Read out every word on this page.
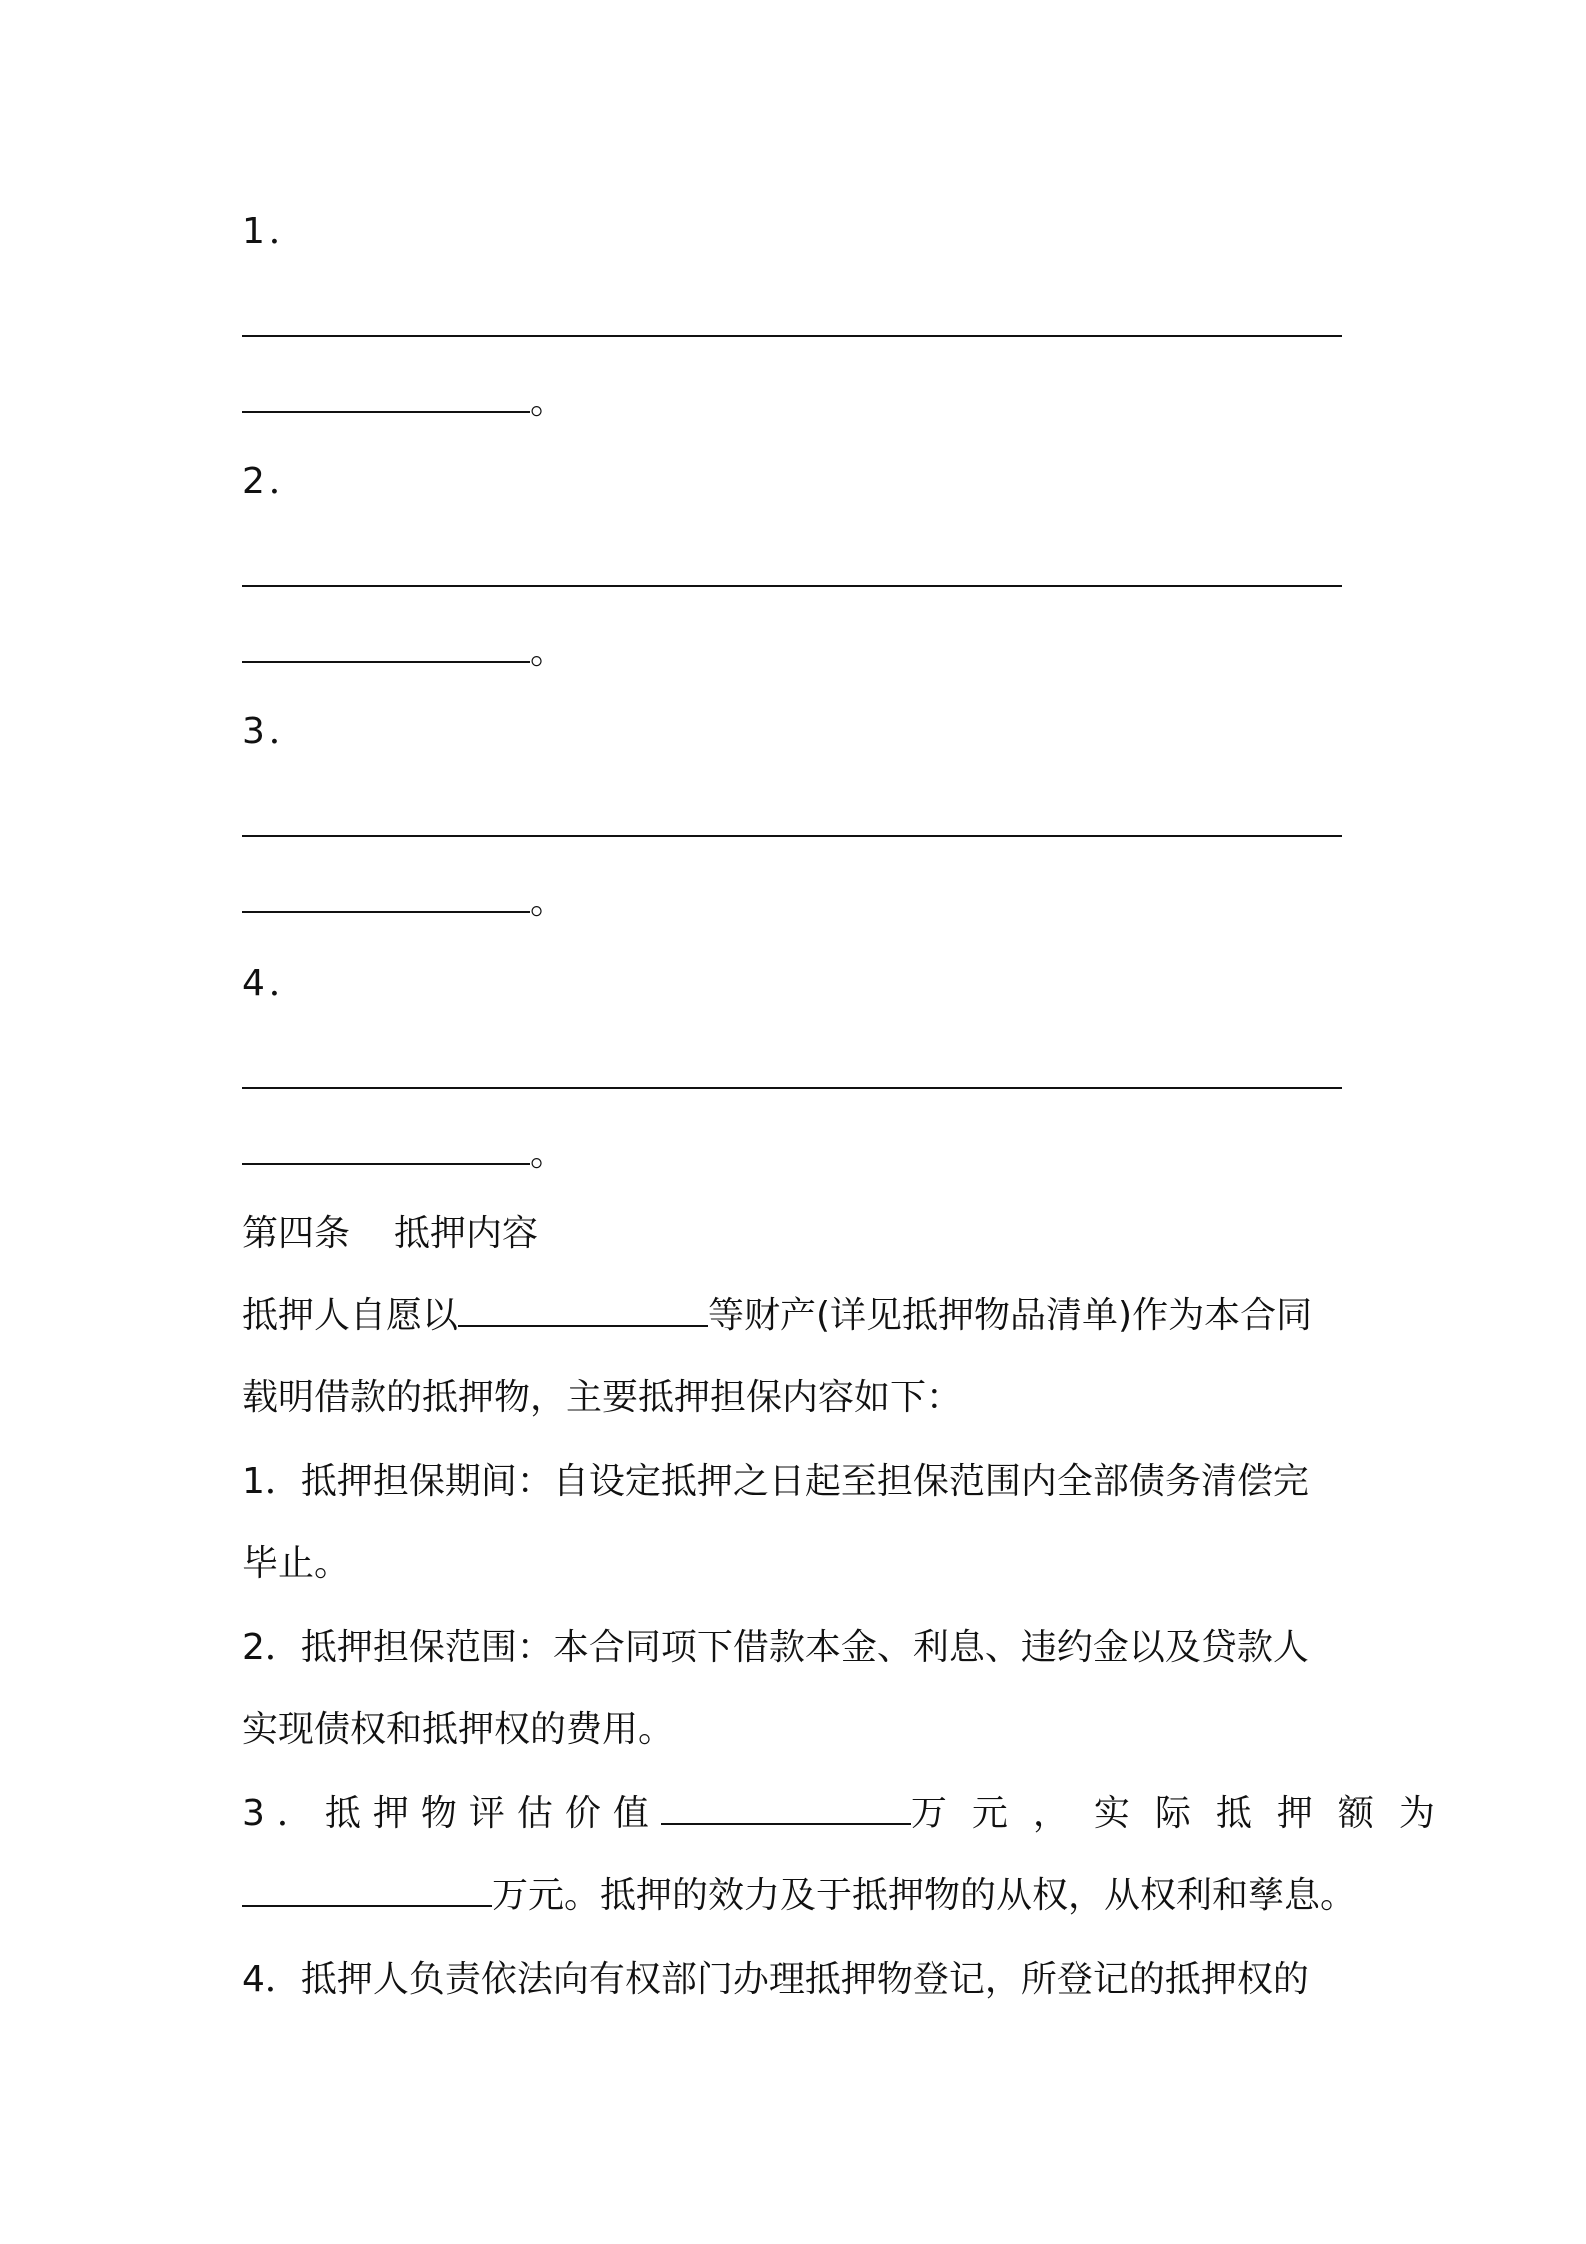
1．
。
2．
。
3．
。
4．
。
第四条 抵押内容
抵押人自愿以	等财产(详见抵押物品清单)作为本合同
载明借款的抵押物，主要抵押担保内容如下：
1．抵押担保期间：自设定抵押之日起至担保范围内全部债务清偿完
毕止。
2．抵押担保范围：本合同项下借款本金、利息、违约金以及贷款人
实现债权和抵押权的费用。
3．抵押物评估价值	万元，实际抵押额为
万元。抵押的效力及于抵押物的从权，从权利和孳息。
4．抵押人负责依法向有权部门办理抵押物登记，所登记的抵押权的
